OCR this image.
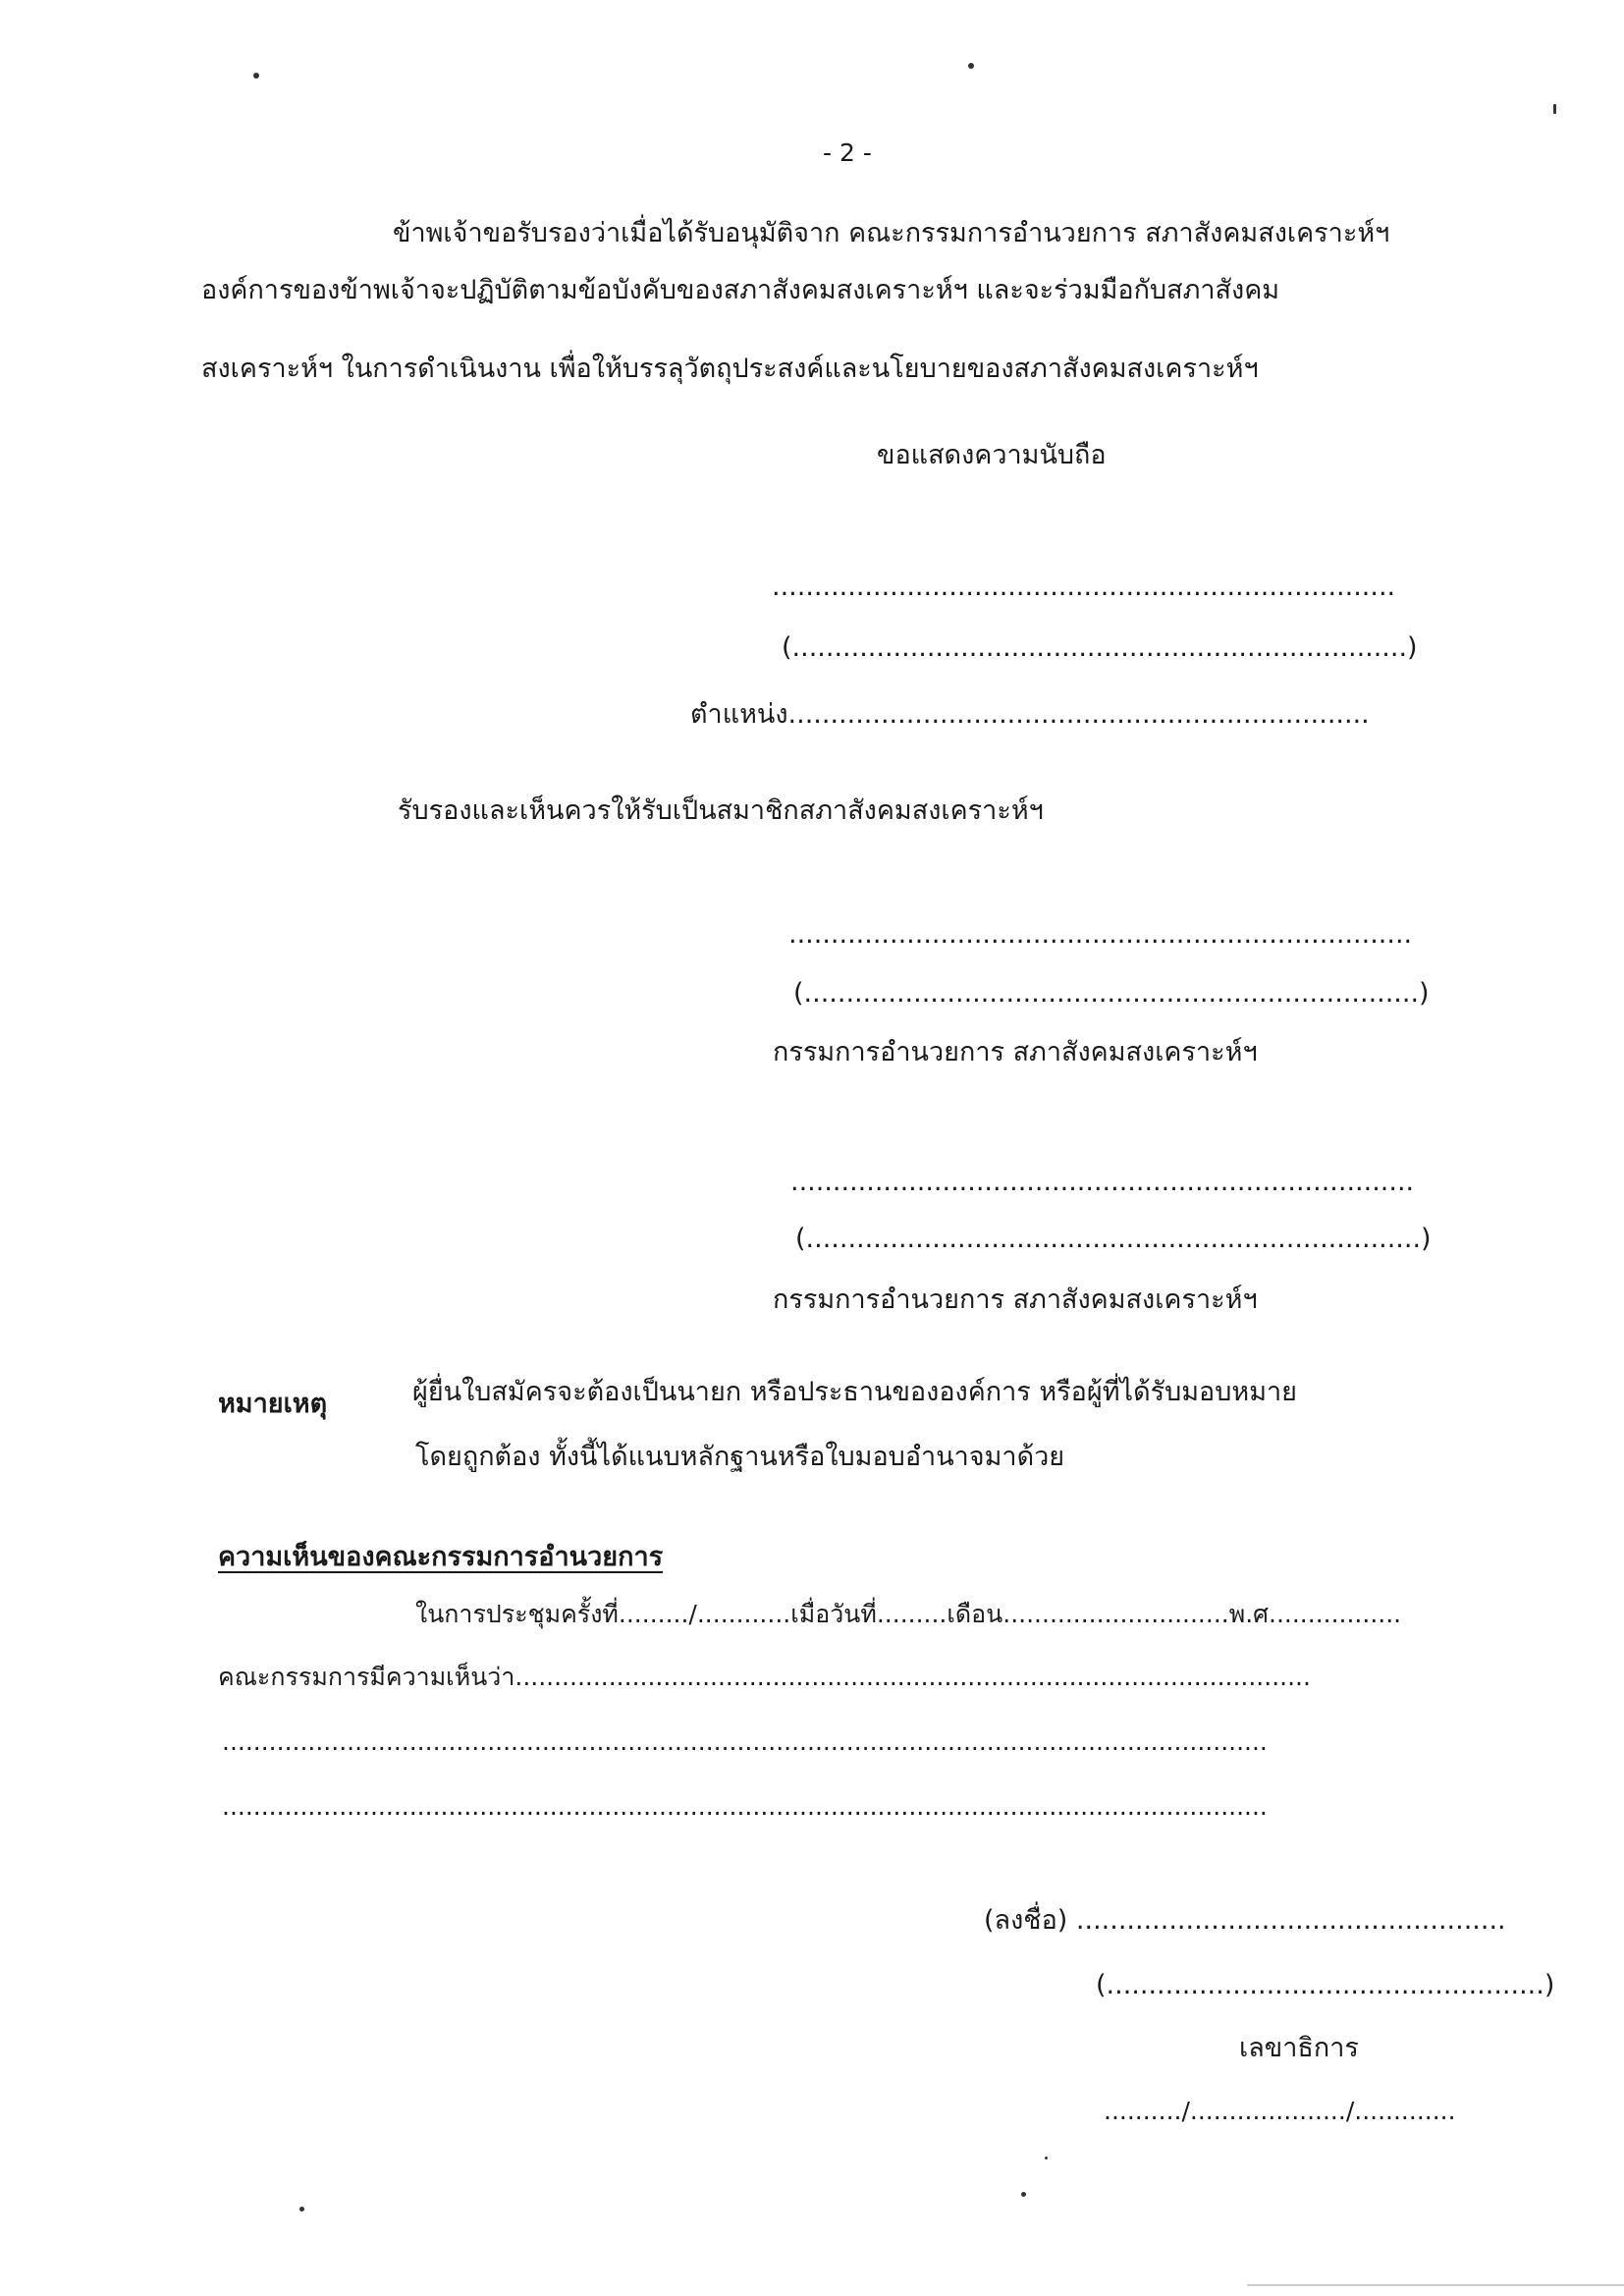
- 2 -
ข้าพเจ้าขอรับรองว่าเมื่อได้รับอนุมัติจาก คณะกรรมการอำนวยการ สภาสังคมสงเคราะห์ฯ
องค์การของข้าพเจ้าจะปฏิบัติตามข้อบังคับของสภาสังคมสงเคราะห์ฯ และจะร่วมมือกับสภาสังคม
สงเคราะห์ฯ ในการดำเนินงาน เพื่อให้บรรลุวัตถุประสงค์และนโยบายของสภาสังคมสงเคราะห์ฯ
ขอแสดงความนับถือ
..........................................................................
(.........................................................................)
ตำแหน่ง.....................................................................
รับรองและเห็นควรให้รับเป็นสมาชิกสภาสังคมสงเคราะห์ฯ
..........................................................................
(.........................................................................)
กรรมการอำนวยการ สภาสังคมสงเคราะห์ฯ
..........................................................................
(.........................................................................)
กรรมการอำนวยการ สภาสังคมสงเคราะห์ฯ
หมายเหตุ	ผู้ยื่นใบสมัครจะต้องเป็นนายก หรือประธานขององค์การ หรือผู้ที่ได้รับมอบหมาย
โดยถูกต้อง ทั้งนี้ได้แนบหลักฐานหรือใบมอบอำนาจมาด้วย
ความเห็นของคณะกรรมการอำนวยการ
ในการประชุมครั้งที่........./............เมื่อวันที่.........เดือน.............................พ.ศ.................
คณะกรรมการมีความเห็นว่า......................................................................................................
......................................................................................................................................
......................................................................................................................................
(ลงชื่อ) ...................................................
(....................................................)
เลขาธิการ
........../..................../.............
